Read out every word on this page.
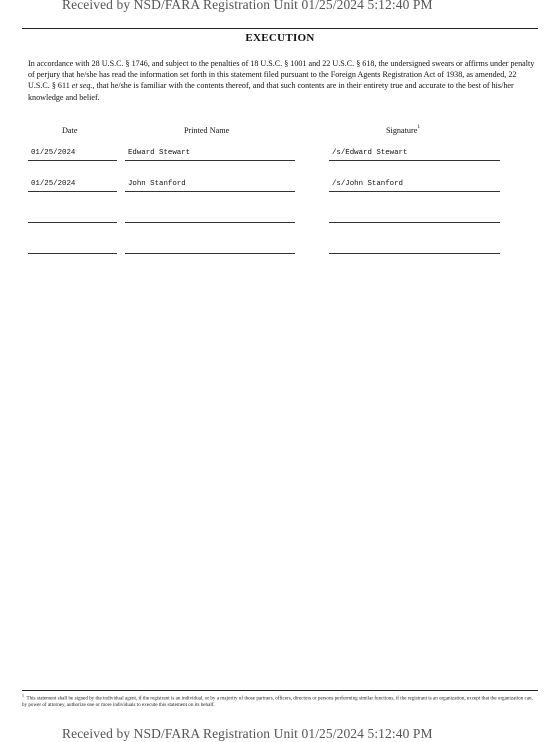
Received by NSD/FARA Registration Unit 01/25/2024 5:12:40 PM
EXECUTION
In accordance with 28 U.S.C. § 1746, and subject to the penalties of 18 U.S.C. § 1001 and 22 U.S.C. § 618, the undersigned swears or affirms under penalty of perjury that he/she has read the information set forth in this statement filed pursuant to the Foreign Agents Registration Act of 1938, as amended, 22 U.S.C. § 611 et seq., that he/she is familiar with the contents thereof, and that such contents are in their entirety true and accurate to the best of his/her knowledge and belief.
Date	Printed Name	Signature$^1$
01/25/2024	Edward Stewart	/s/Edward Stewart
01/25/2024	John Stanford	/s/John Stanford
$^1$  This statement shall be signed by the individual agent, if the registrant is an individual, or by a majority of those partners, officers, directors or persons performing similar functions, if the registrant is an organization, except that the organization can, by power of attorney, authorize one or more individuals to execute this statement on its behalf.
Received by NSD/FARA Registration Unit 01/25/2024 5:12:40 PM
